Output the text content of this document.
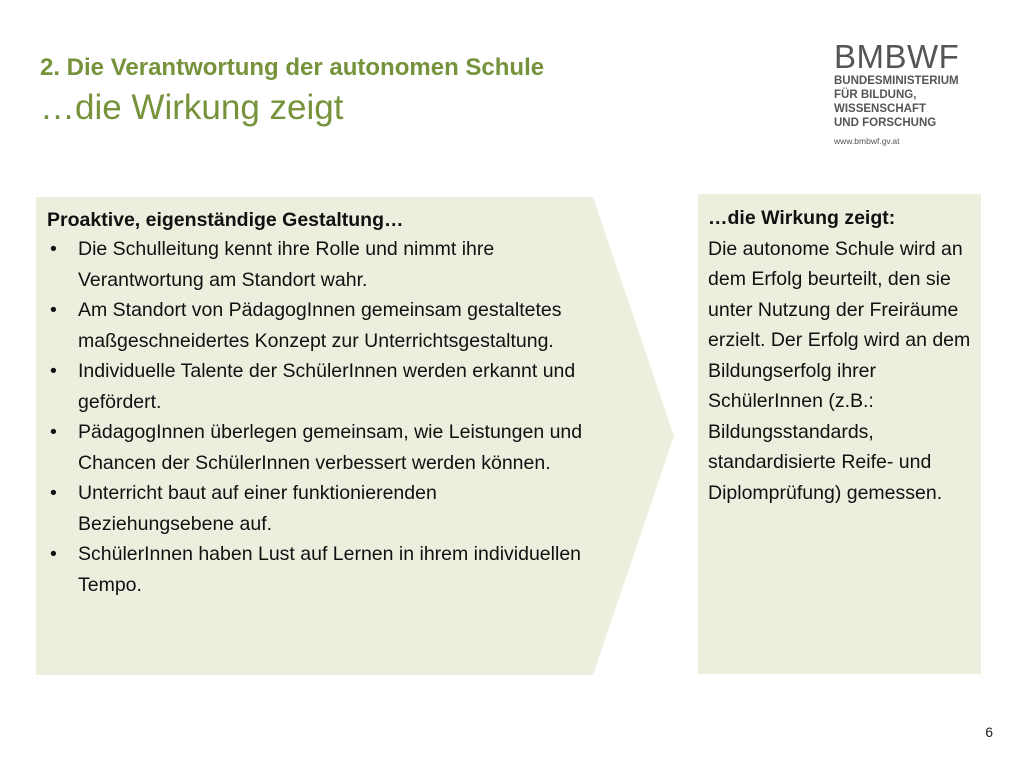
2. Die Verantwortung der autonomen Schule
…die Wirkung zeigt
BMBWF
BUNDESMINISTERIUM
FÜR BILDUNG, WISSENSCHAFT
UND FORSCHUNG
www.bmbwf.gv.at

Proaktive, eigenständige Gestaltung…

• Die Schulleitung kennt ihre Rolle und nimmt ihre Verantwortung am Standort wahr.
• Am Standort von PädagogInnen gemeinsam gestaltetes maßgeschneidertes Konzept zur Unterrichtsgestaltung.
• Individuelle Talente der SchülerInnen werden erkannt und gefördert.
• PädagogInnen überlegen gemeinsam, wie Leistungen und Chancen der SchülerInnen verbessert werden können.
• Unterricht baut auf einer funktionierenden Beziehungsebene auf.
• SchülerInnen haben Lust auf Lernen in ihrem individuellen Tempo.
…die Wirkung zeigt:
Die autonome Schule wird an dem Erfolg beurteilt, den sie unter Nutzung der Freiräume erzielt. Der Erfolg wird an dem Bildungserfolg ihrer SchülerInnen (z.B.: Bildungsstandards, standardisierte Reife- und Diplomprüfung) gemessen.
6
